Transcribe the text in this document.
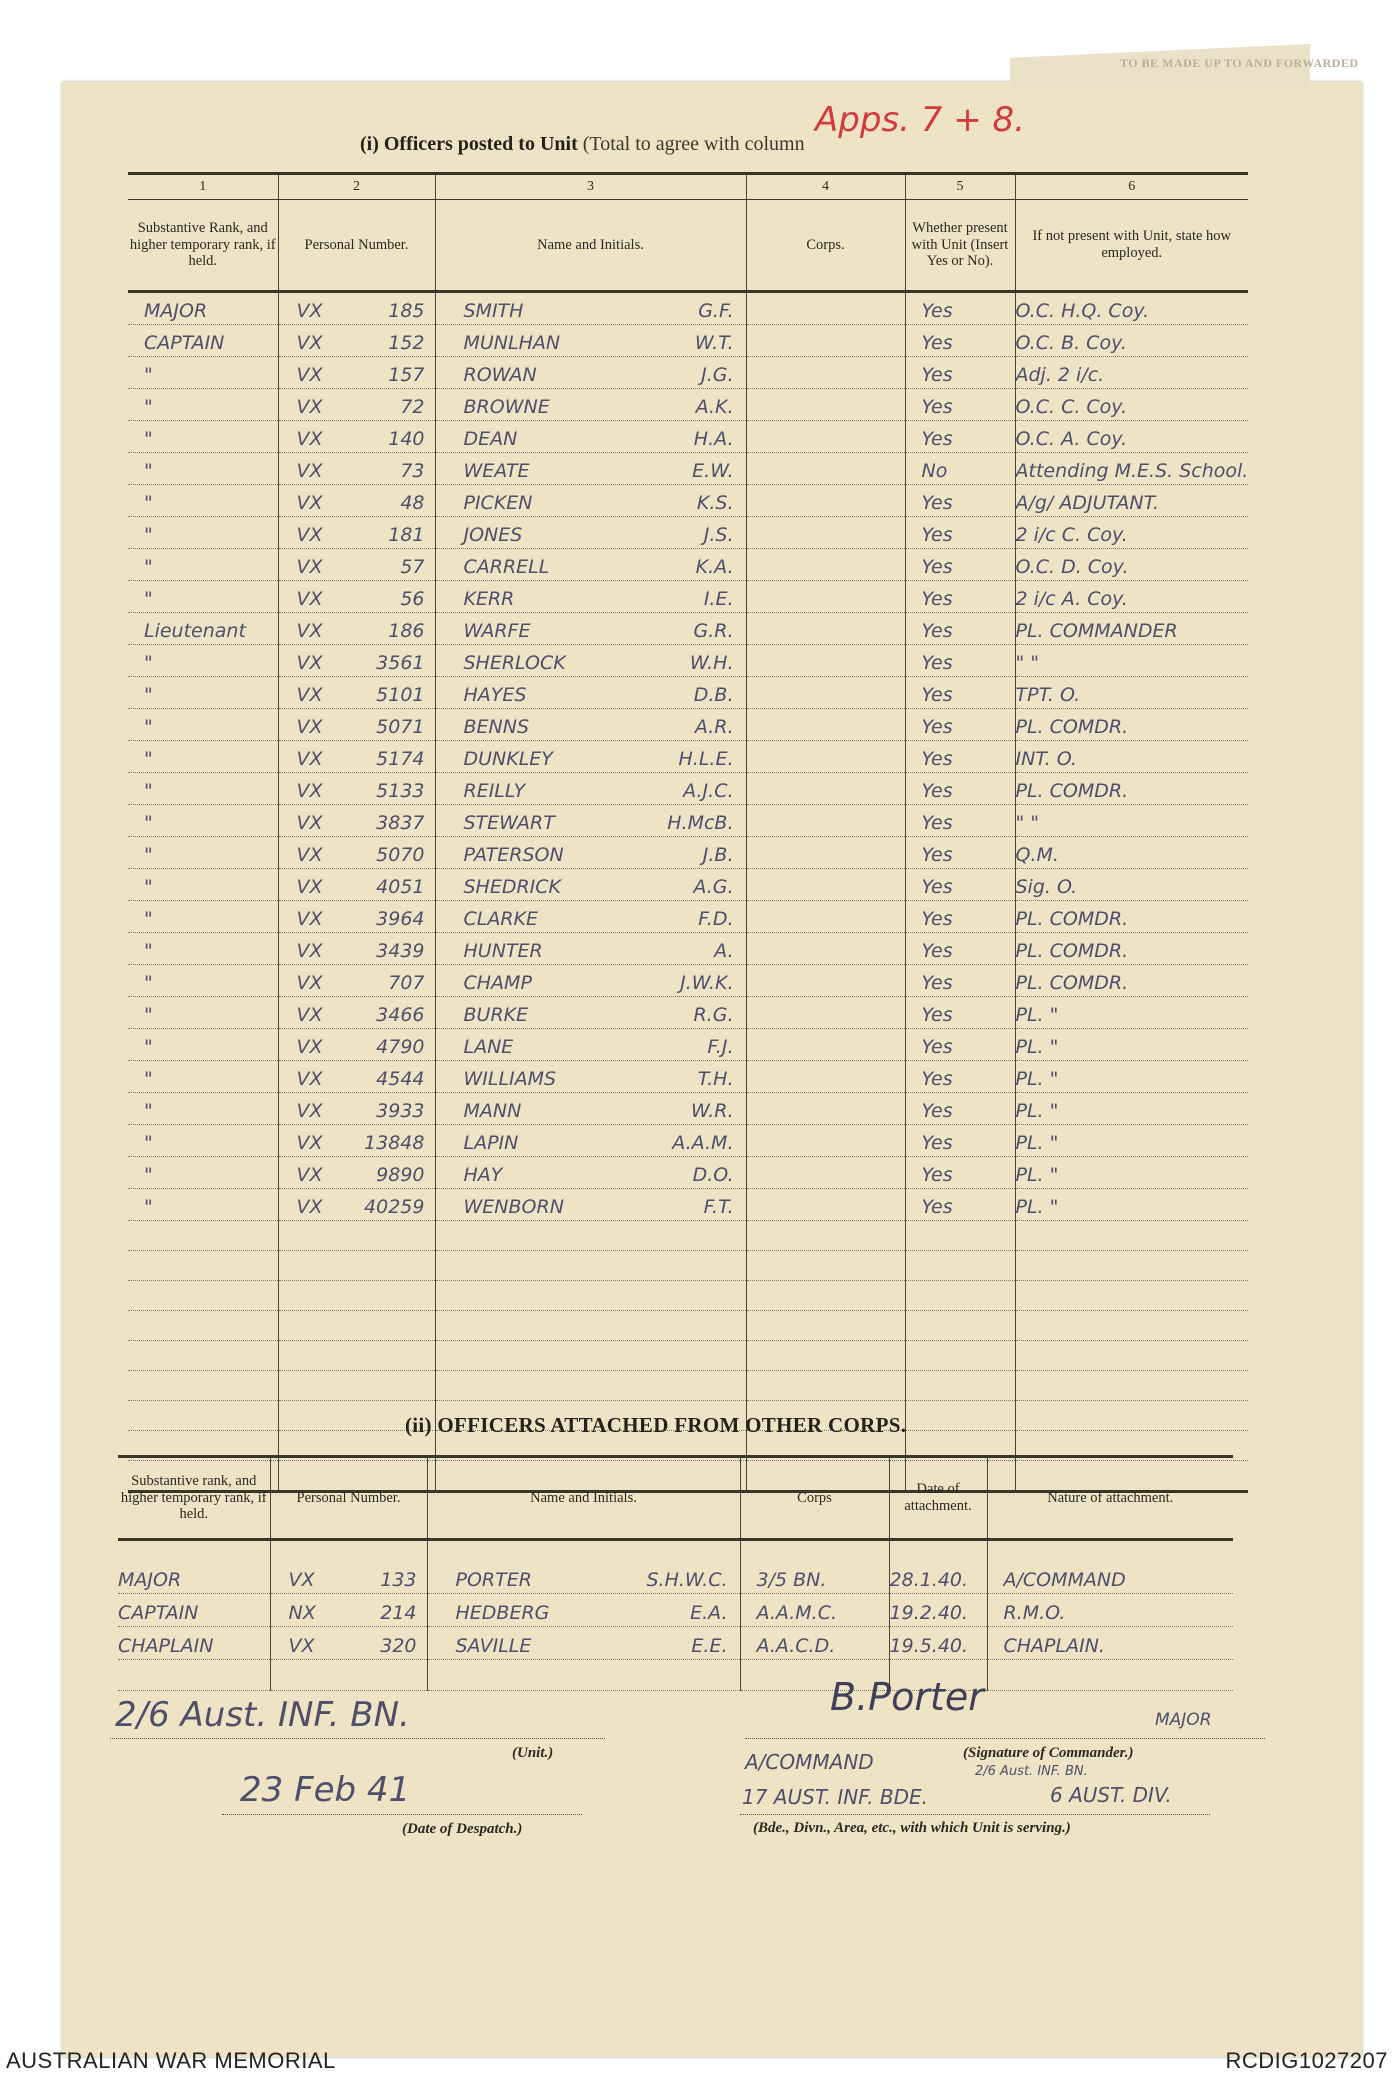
TO BE MADE UP TO AND FORWARDED
Apps. 7 + 8.
(i) Officers posted to Unit (Total to agree with column
1	2	3	4	5	6
Substantive Rank, and higher temporary rank, if held.	Personal Number.	Name and Initials.	Corps.	Whether present with Unit (Insert Yes or No).	If not present with Unit, state how employed.
MAJOR	VX 185	SMITH G.F.		Yes	O.C. H.Q. Coy.
CAPTAIN	VX 152	MUNLHAN W.T.		Yes	O.C. B. Coy.
"	VX 157	ROWAN J.G.		Yes	Adj. 2 i/c.
"	VX 72	BROWNE A.K.		Yes	O.C. C. Coy.
"	VX 140	DEAN H.A.		Yes	O.C. A. Coy.
"	VX 73	WEATE E.W.		No	Attending M.E.S. School.
"	VX 48	PICKEN K.S.		Yes	A/g/ ADJUTANT.
"	VX 181	JONES J.S.		Yes	2 i/c C. Coy.
"	VX 57	CARRELL K.A.		Yes	O.C. D. Coy.
"	VX 56	KERR I.E.		Yes	2 i/c A. Coy.
Lieutenant	VX 186	WARFE G.R.		Yes	PL. COMMANDER
"	VX 3561	SHERLOCK W.H.		Yes	" "
"	VX 5101	HAYES D.B.		Yes	TPT. O.
"	VX 5071	BENNS A.R.		Yes	PL. COMDR.
"	VX 5174	DUNKLEY H.L.E.		Yes	INT. O.
"	VX 5133	REILLY A.J.C.		Yes	PL. COMDR.
"	VX 3837	STEWART H.McB.		Yes	" "
"	VX 5070	PATERSON J.B.		Yes	Q.M.
"	VX 4051	SHEDRICK A.G.		Yes	Sig. O.
"	VX 3964	CLARKE F.D.		Yes	PL. COMDR.
"	VX 3439	HUNTER A.		Yes	PL. COMDR.
"	VX 707	CHAMP J.W.K.		Yes	PL. COMDR.
"	VX 3466	BURKE R.G.		Yes	PL. "
"	VX 4790	LANE F.J.		Yes	PL. "
"	VX 4544	WILLIAMS T.H.		Yes	PL. "
"	VX 3933	MANN W.R.		Yes	PL. "
"	VX 13848	LAPIN A.A.M.		Yes	PL. "
"	VX 9890	HAY D.O.		Yes	PL. "
"	VX 40259	WENBORN F.T.		Yes	PL. "

(ii) OFFICERS ATTACHED FROM OTHER CORPS.
Substantive rank, and higher temporary rank, if held.	Personal Number.	Name and Initials.	Corps	Date of attachment.	Nature of attachment.

MAJOR	VX 133	PORTER S.H.W.C.	3/5 BN.	28.1.40.	A/COMMAND
CAPTAIN	NX 214	HEDBERG E.A.	A.A.M.C.	19.2.40.	R.M.O.
CHAPLAIN	VX 320	SAVILLE E.E.	A.A.C.D.	19.5.40.	CHAPLAIN.

2/6 Aust. INF. BN.
(Unit.)
23 Feb 41
(Date of Despatch.)
B.Porter
MAJOR
A/COMMAND	(Signature of Commander.)
2/6 Aust. INF. BN.
17 AUST. INF. BDE.	6 AUST. DIV.
(Bde., Divn., Area, etc., with which Unit is serving.)
AUSTRALIAN WAR MEMORIAL	RCDIG1027207
